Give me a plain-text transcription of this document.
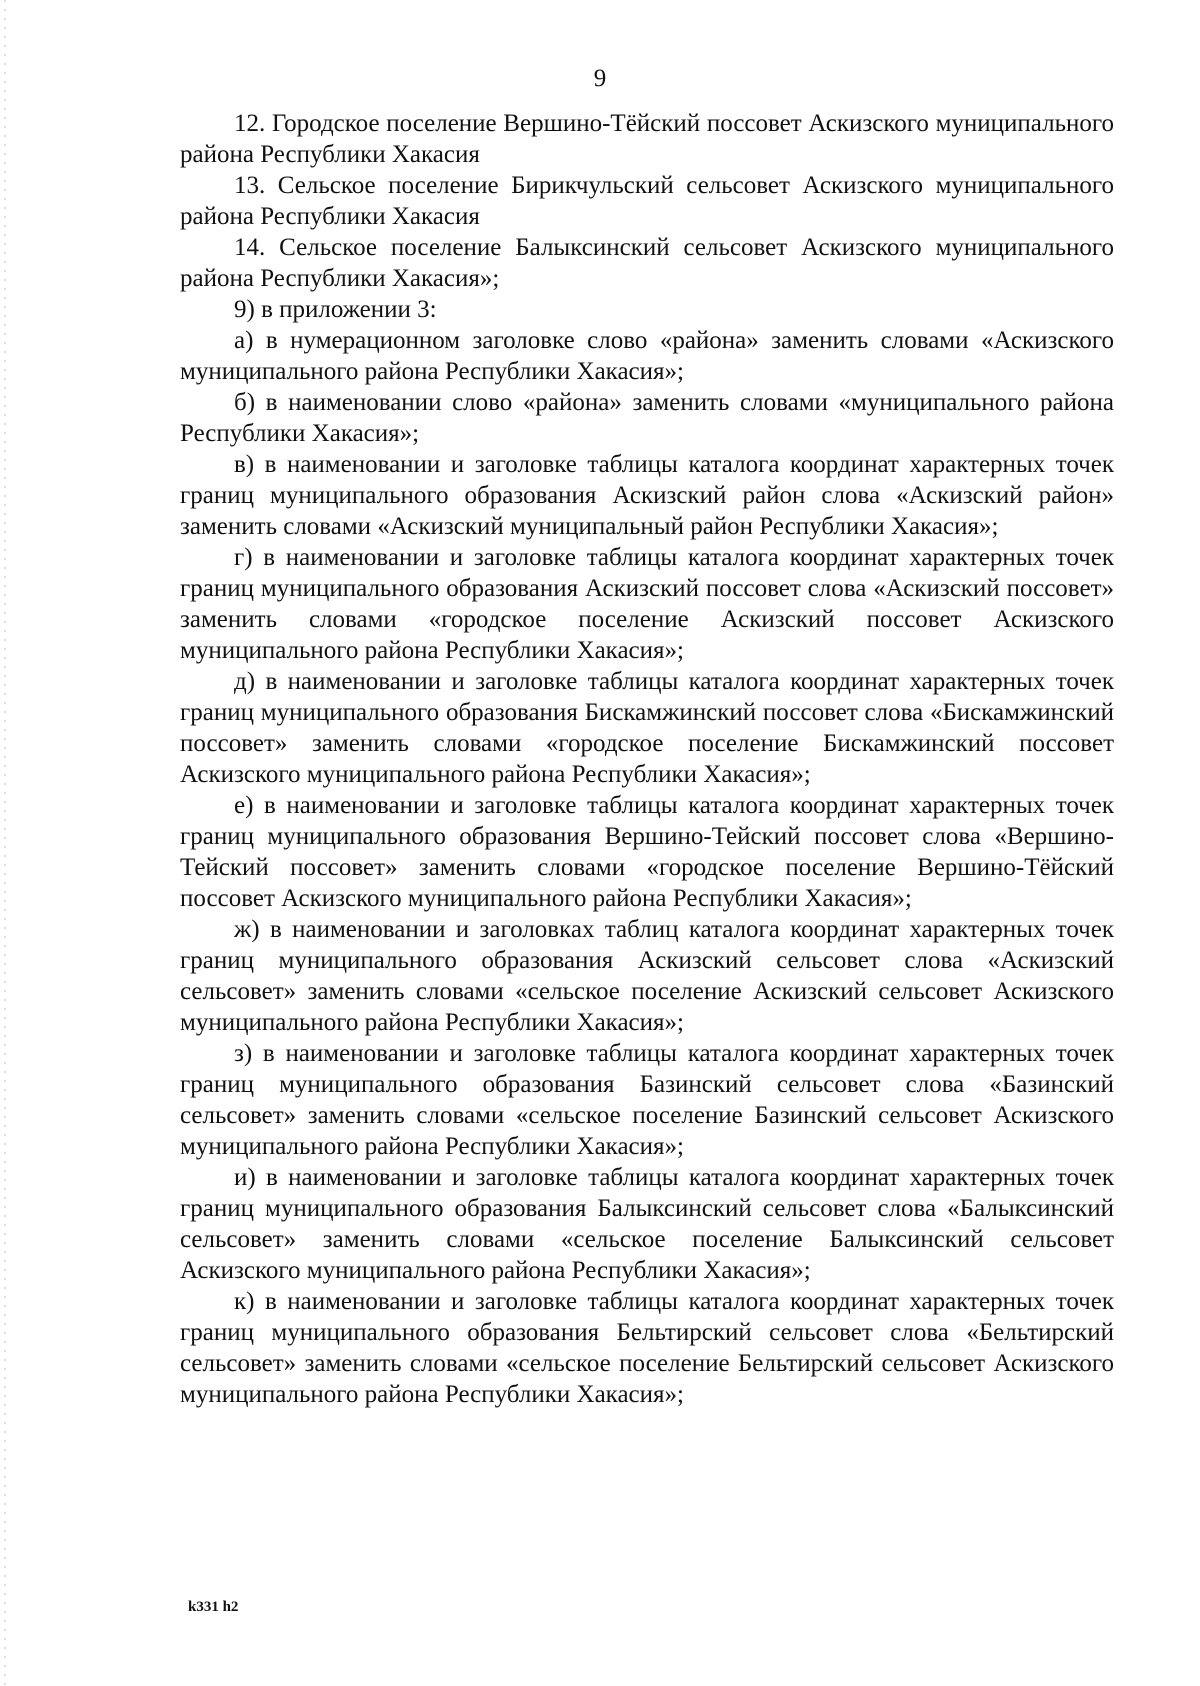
9

12. Городское поселение Вершино-Тёйский поссовет Аскизского муниципального района Республики Хакасия

13. Сельское поселение Бирикчульский сельсовет Аскизского муниципального района Республики Хакасия

14. Сельское поселение Балыксинский сельсовет Аскизского муниципального района Республики Хакасия»;

9) в приложении 3:

а) в нумерационном заголовке слово «района» заменить словами «Аскизского муниципального района Республики Хакасия»;

б) в наименовании слово «района» заменить словами «муниципального района Республики Хакасия»;

в) в наименовании и заголовке таблицы каталога координат характерных точек границ муниципального образования Аскизский район слова «Аскизский район» заменить словами «Аскизский муниципальный район Республики Хакасия»;

г) в наименовании и заголовке таблицы каталога координат характерных точек границ муниципального образования Аскизский поссовет слова «Аскизский поссовет» заменить словами «городское поселение Аскизский поссовет Аскизского муниципального района Республики Хакасия»;

д) в наименовании и заголовке таблицы каталога координат характерных точек границ муниципального образования Бискамжинский поссовет слова «Бискамжинский поссовет» заменить словами «городское поселение Бискамжинский поссовет Аскизского муниципального района Республики Хакасия»;

е) в наименовании и заголовке таблицы каталога координат характерных точек границ муниципального образования Вершино-Тейский поссовет слова «Вершино-Тейский поссовет» заменить словами «городское поселение Вершино-Тёйский поссовет Аскизского муниципального района Республики Хакасия»;

ж) в наименовании и заголовках таблиц каталога координат характерных точек границ муниципального образования Аскизский сельсовет слова «Аскизский сельсовет» заменить словами «сельское поселение Аскизский сельсовет Аскизского муниципального района Республики Хакасия»;

з) в наименовании и заголовке таблицы каталога координат характерных точек границ муниципального образования Базинский сельсовет слова «Базинский сельсовет» заменить словами «сельское поселение Базинский сельсовет Аскизского муниципального района Республики Хакасия»;

и) в наименовании и заголовке таблицы каталога координат характерных точек границ муниципального образования Балыксинский сельсовет слова «Балыксинский сельсовет» заменить словами «сельское поселение Балыксинский сельсовет Аскизского муниципального района Республики Хакасия»;

к) в наименовании и заголовке таблицы каталога координат характерных точек границ муниципального образования Бельтирский сельсовет слова «Бельтирский сельсовет» заменить словами «сельское поселение Бельтирский сельсовет Аскизского муниципального района Республики Хакасия»;

k331 h2
